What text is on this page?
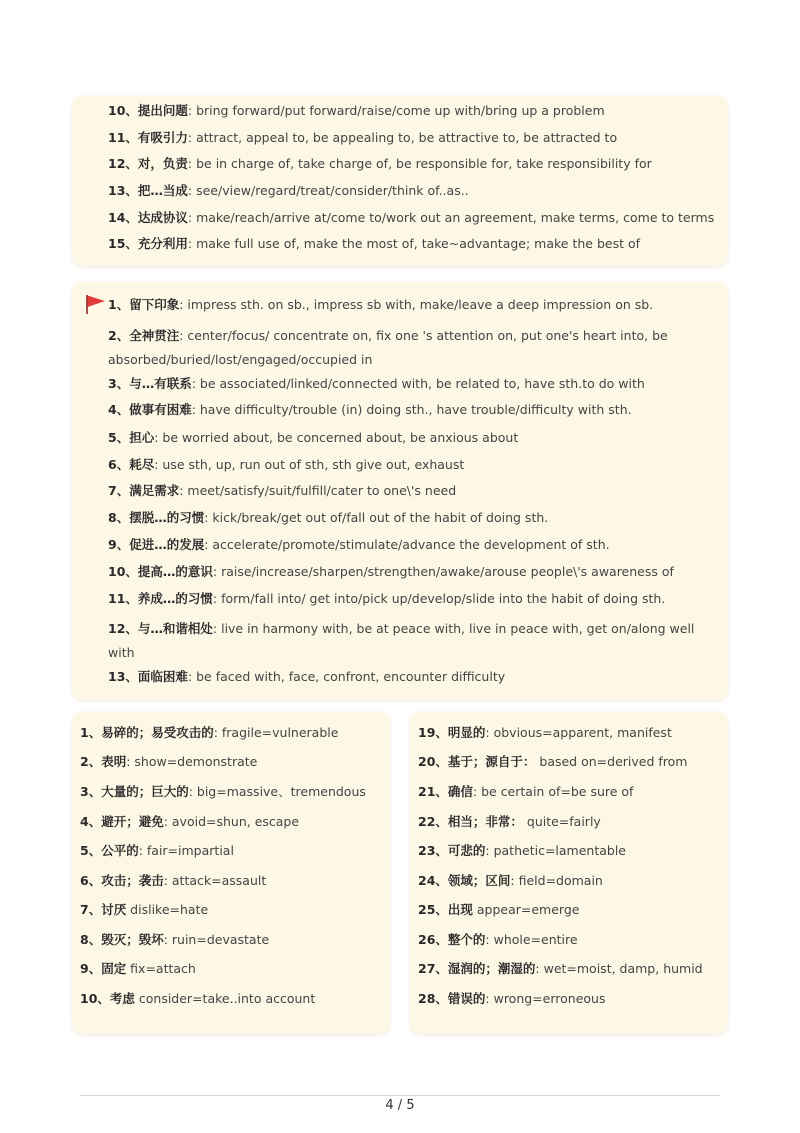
10、提出问题: bring forward/put forward/raise/come up with/bring up a problem
11、有吸引力: attract, appeal to, be appealing to, be attractive to, be attracted to
12、对，负责: be in charge of, take charge of, be responsible for, take responsibility for
13、把…当成: see/view/regard/treat/consider/think of..as..
14、达成协议: make/reach/arrive at/come to/work out an agreement, make terms, come to terms
15、充分利用: make full use of, make the most of, take~advantage; make the best of
1、留下印象: impress sth. on sb., impress sb with, make/leave a deep impression on sb.
2、全神贯注: center/focus/ concentrate on, fix one 's attention on, put one's heart into, be absorbed/buried/lost/engaged/occupied in
3、与…有联系: be associated/linked/connected with, be related to, have sth.to do with
4、做事有困难: have difficulty/trouble (in) doing sth., have trouble/difficulty with sth.
5、担心: be worried about, be concerned about, be anxious about
6、耗尽: use sth, up, run out of sth, sth give out, exhaust
7、满足需求: meet/satisfy/suit/fulfill/cater to one\'s need
8、摆脱…的习惯: kick/break/get out of/fall out of the habit of doing sth.
9、促进…的发展: accelerate/promote/stimulate/advance the development of sth.
10、提高…的意识: raise/increase/sharpen/strengthen/awake/arouse people\'s awareness of
11、养成…的习惯: form/fall into/ get into/pick up/develop/slide into the habit of doing sth.
12、与…和谐相处: live in harmony with, be at peace with, live in peace with, get on/along well with
13、面临困难: be faced with, face, confront, encounter difficulty
1、易碎的；易受攻击的: fragile=vulnerable
2、表明: show=demonstrate
3、大量的；巨大的: big=massive、tremendous
4、避开；避免: avoid=shun, escape
5、公平的: fair=impartial
6、攻击；袭击: attack=assault
7、讨厌 dislike=hate
8、毁灭；毁坏: ruin=devastate
9、固定 fix=attach
10、考虑 consider=take..into account
19、明显的: obvious=apparent, manifest
20、基于；源自于： based on=derived from
21、确信: be certain of=be sure of
22、相当；非常： quite=fairly
23、可悲的: pathetic=lamentable
24、领域；区间: field=domain
25、出现 appear=emerge
26、整个的: whole=entire
27、湿润的；潮湿的: wet=moist, damp, humid
28、错误的: wrong=erroneous
4 / 5
